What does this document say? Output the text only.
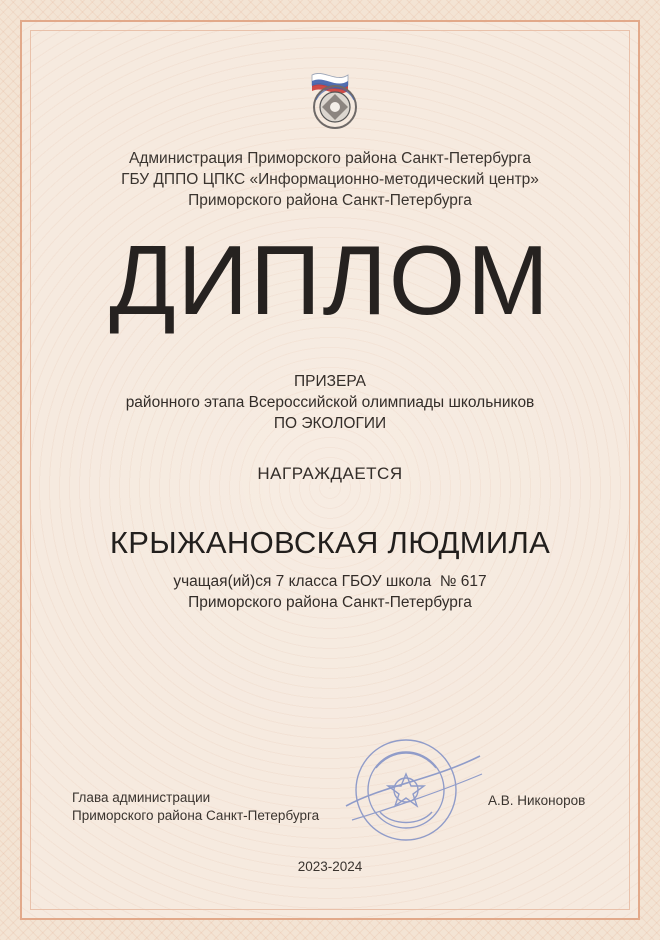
Администрация Приморского района Санкт-Петербурга
ГБУ ДППО ЦПКС «Информационно-методический центр»
Приморского района Санкт-Петербурга
ДИПЛОМ
ПРИЗЕРА
районного этапа Всероссийской олимпиады школьников
ПО ЭКОЛОГИИ
НАГРАЖДАЕТСЯ
КРЫЖАНОВСКАЯ ЛЮДМИЛА
учащая(ий)ся 7 класса ГБОУ школа  № 617
Приморского района Санкт-Петербурга
Глава администрации
Приморского района Санкт-Петербурга
А.В. Никоноров
2023-2024
